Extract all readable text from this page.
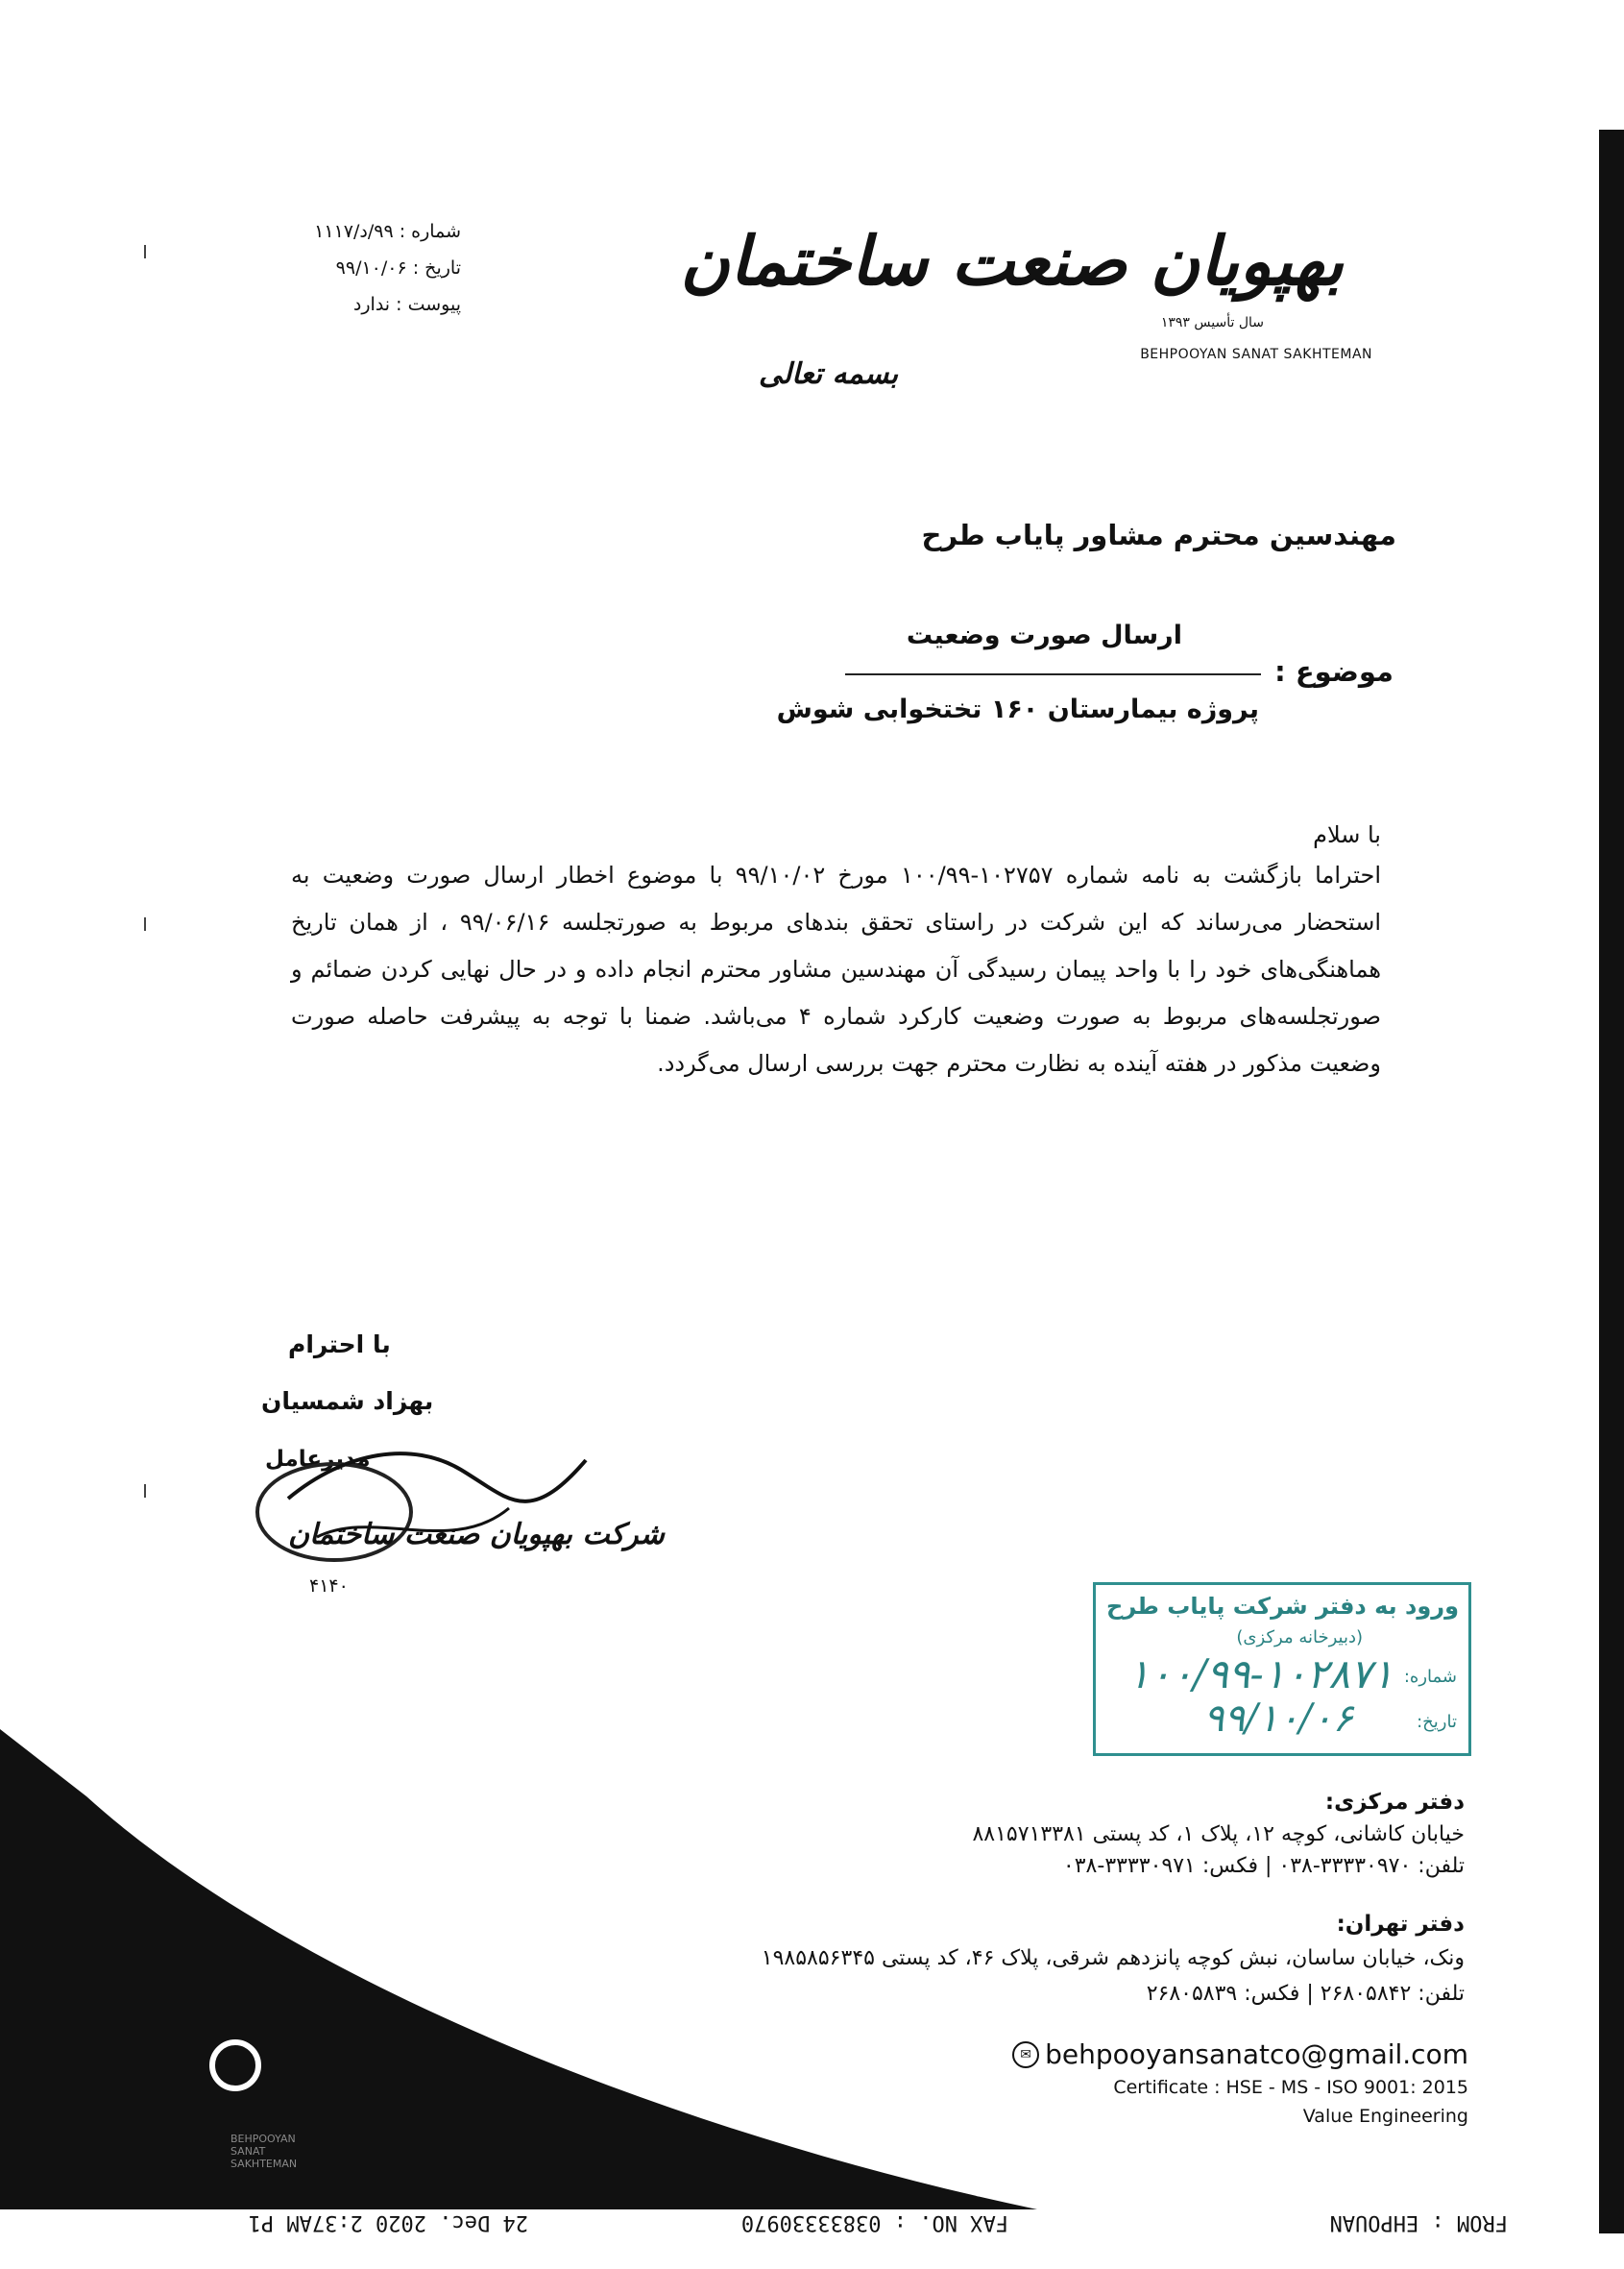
شماره : ۹۹/د/۱۱۱۷
تاریخ : ۹۹/۱۰/۰۶
پیوست : ندارد
بهپویان صنعت ساختمان
سال تأسیس ۱۳۹۳
BEHPOOYAN SANAT SAKHTEMAN
بسمه تعالی
مهندسین محترم مشاور پایاب طرح
موضوع :
ارسال صورت وضعیت
پروژه بیمارستان ۱۶۰ تختخوابی شوش
با سلام
احتراما بازگشت به نامه شماره ۱۰۲۷۵۷-۱۰۰/۹۹ مورخ ۹۹/۱۰/۰۲ با موضوع اخطار ارسال صورت وضعیت به استحضار می‌رساند که این شرکت در راستای تحقق بندهای مربوط به صورتجلسه ۹۹/۰۶/۱۶ ، از همان تاریخ هماهنگی‌های خود را با واحد پیمان رسیدگی آن مهندسین مشاور محترم انجام داده و در حال نهایی کردن ضمائم و صورتجلسه‌های مربوط به صورت وضعیت کارکرد شماره ۴ می‌باشد. ضمنا با توجه به پیشرفت حاصله صورت وضعیت مذکور در هفته آینده به نظارت محترم جهت بررسی ارسال می‌گردد.
با احترام
بهزاد شمسیان
مدیرعامل
شرکت بهپویان صنعت ساختمان
۴۱۴۰
ورود به دفتر شرکت پایاب طرح
(دبیرخانه مرکزی)
شماره:
۱۰۰/۹۹-۱۰۲۸۷۱
تاریخ:
۹۹/۱۰/۰۶
BEHPOOYAN
SANAT
SAKHTEMAN
دفتر مرکزی:
خیابان کاشانی، کوچه ۱۲، پلاک ۱، کد پستی ۸۸۱۵۷۱۳۳۸۱
تلفن: ۳۳۳۳۰۹۷۰-۰۳۸ | فکس: ۳۳۳۳۰۹۷۱-۰۳۸
دفتر تهران:
ونک، خیابان ساسان، نبش کوچه پانزدهم شرقی، پلاک ۴۶، کد پستی ۱۹۸۵۸۵۶۳۴۵
تلفن: ۲۶۸۰۵۸۴۲ | فکس: ۲۶۸۰۵۸۳۹
✉ behpooyansanatco@gmail.com
Certificate : HSE - MS - ISO 9001: 2015
Value Engineering
FROM : EHPOUAN
FAX NO. : 03833330970
24 Dec. 2020 2:37AM P1
